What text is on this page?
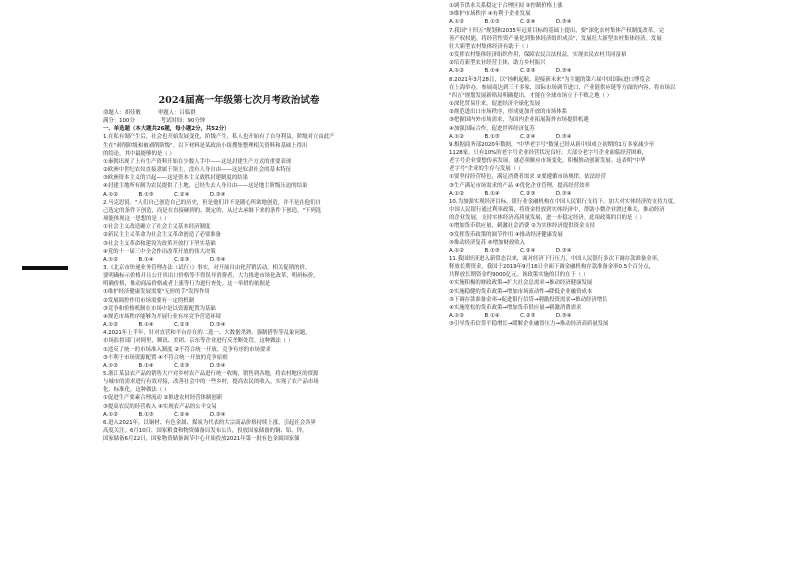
2024届高一年级第七次月考政治试卷
命题人：胡佳敏          审题人：吕临群
满分：100分               考试时间：90分钟
一、单选题（本大题共26题，每小题2分，共52分）

1.在私有制产生后，社会也开始发展变化，阶级产生，私人也开始有了自身利益，阶级对立由此产

生在"剥削阶级和被剥削阶级"。以下材料是某政治小组搜集整理相关资料和基础上得出

的结论，其中最能够的是（ ）

①秦朝出现了上有生产资料开始在少数人手中——这是封建生产方式的重要表现

②欧洲中世纪农奴直接隶属于领主，没有人身自由——这是奴隶社会的基本特征

③欧洲资本主义的兴起——这是资本主义战胜封建制度的结果

④封建主地所有制为农民提供了土地，已经失去人身自由——这是地主阶级压迫的结果

A.①②            B.①③            C.②④            D.③④

2.马克思说："人们自己创造自己的历史，但是他们并不是随心所欲地创造，并不是在他们自

己选定的条件下创造，而是在直接碰到的、既定的、从过去承继下来的条件下创造。"下列选

项能体现这一思想的是（ ）

①社会主义改造确立了社会主义基本经济制度

②新民主主义革命为社会主义革命创造了必要准备

③社会主义革命和建设为改革开放打下坚实基础

④党的十一届三中全会作出改革开放的伟大决策

A.①②            B.①④            C.②③            D.③④

3.《北京市快递业务管理办法（试行）》事实，对开展自由化营销活动，相关促销的价，

要明确标示价格并且公开其出口价格等不得误导消费者，大力推进市场化改革，明码标价，

明确价格，推动商品价格或者上涨等行为进行查处。这一举措的依据是

①维护经济健康发展需要"无形的手"发挥作用

②发展调控作用市场需要有一定的机制

③竞争和价格机制在市场中是以资源配置为基础

④规范市场秩序能够为开展行业有序竞争营造环境

A.①②            B.①④            C.②③            D.③④

4.2021年上半年，针对直营和平台存在的二选一、大数据杀熟、强制搭售等乱象问题，

市场监督部门对阿里、腾讯、美团、京东等企业进行反垄断处罚。这种做法（ ）

①违反了统一的市场准入制度 ②不符合统一开放、竞争有序的市场要求

③不利于市场资源配置 ④不符合统一开放的竞争原则

A.①②            B.①④            C.②③            D.③④

5.浙江某县农产品的销售大户对乡村农产品进行统一收购，销售到各地，将农村地区的资源

与城市的需求进行有效对接，改善社会中的一些乡村，提高农民的收入，实现了农产品市场

化、标准化。这种做法（ ）

①促进生产要素合理流动 ②推进农村经营体制创新

③提高农民的经营收入 ④实现农产品的公平交易

A.①②            B.①③            C.②④            D.③④

6.进入2021年，以铜材、有色金属、煤炭为代表的大宗商品价格持续上涨，引起社会各界

高度关注。6月10日，国家粮食和物资储备局发布公告，投放国家储备的铜、铝、锌，

国家储备6月22日，国家物资储备调节中心开始投放2021年第一批有色金属国家储

①调节供求关系稳定于合理区间 ②控制价格上涨

③维护市场秩序 ④有利于企业发展

A.①②            B.①③            C.②④            D.③④

7.我国"十四五"规划和2035年远景目标的基础上提出，要"深化农村集体产权制度改革，完

善产权权能，将经营性资产量化到集体经济组织成员"，发展壮大新型农村集体经济。发展

壮大新型农村集体经济有助于（ ）

①发挥农村集体经济组织作用，保障农民合法权益，实现农民农村共同富裕

②培育新型农业经营主体，助力乡村振兴

A.①②            B.①④            C.②③            D.③④

8.2021年3月28日，以"扬帆起航、迎接新未来"为主题的第六届中国国际进口博览会

在上海举办，参展商达到三千多家，国际市场调节进口、产业链供应链等方面的内容，将市场以

"四五"规划发展新格局明确提出，才能在全球市场立于不败之地（ ）

①深化贸易往来，促进经济全球化发展

②规范进出口市场秩序，形成更加开放的市场体系

③把握国内外市场需求，为国内企业拓展海外市场提供机遇

④加强国际合作，促进世界经济复苏

A.①②            B.①③            C.②④            D.③④

9.根据商务部2020年数据，"中华老字号"数量已经从新中国成立初期的1万多家减少至

1128家，只有10%的老字号企业经营状况良好，大部分老字号企业面临经营困难，

老字号企业要想传承发展，就必须顺应市场变化，积极推动创新发展。这表明"中华

老字号"企业的生存与发展（ ）

①要坚持经营特色，满足消费者需求 ②要遵循市场规律，依法经营

③生产满足市场需求的产品 ④优化企业管理，提高经营效率

A.①②            B.①④            C.②③            D.③④

10.为加强实现经济目标，银行业金融机构在中国人民银行支持下，加大对实体经济的支持力度，

中国人民银行通过利率政策，将资金投放到实体经济中，帮助小微企业渡过难关，推动经济

的企业发展，支持实体经济高质量发展，进一步稳定经济。此项政策的目的是（ ）

①增加货币供应量，刺激社会消费 ②为实体经济提供资金支持

③发挥货币政策的调节作用 ④推动经济健康发展

⑤推动经济复苏 ⑥增加财政收入

A.①②            B.①③            C.②④            D.③④

11.我国经济进入新常态以来，面对经济下行压力，中国人民银行多次下调存款准备金率，

释放长期资金，我国于2019年9月16日全面下调金融机构存款准备金率0.5个百分点，

共释放长期资金约9000亿元。该政策实施的目的在于（ ）

①实施积极的财政政策→扩大社会总需求→推动经济健康发展

②实施稳健的货币政策→增加市场流动性→降低企业融资成本

③下调存款准备金率→促进银行信贷→刺激投资需求→推动经济增长

④实施宽松的货币政策→增加货币供应量→刺激消费需求

A.①②            B.①④            C.②③            D.③④

⑤引导货币信贷平稳增长→缓解企业融资压力→推动经济高质量发展
